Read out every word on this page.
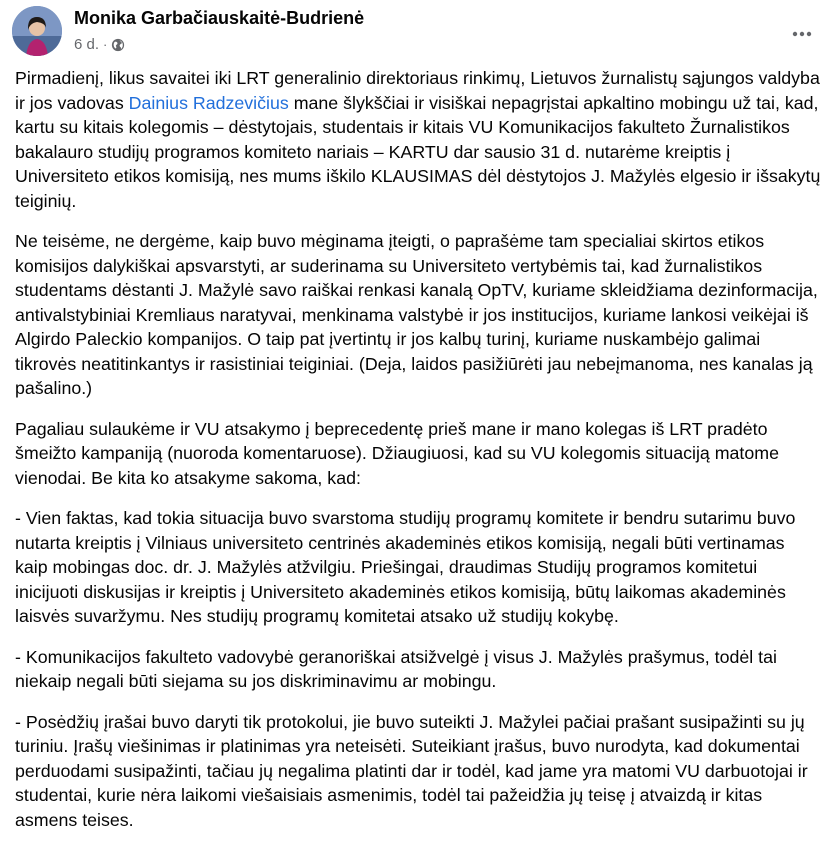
Monika Garbačiauskaitė-Budrienė
6 d. ·

Pirmadienį, likus savaitei iki LRT generalinio direktoriaus rinkimų, Lietuvos žurnalistų sąjungos valdyba ir jos vadovas Dainius Radzevičius mane šlykščiai ir visiškai nepagrįstai apkaltino mobingu už tai, kad, kartu su kitais kolegomis – dėstytojais, studentais ir kitais VU Komunikacijos fakulteto Žurnalistikos bakalauro studijų programos komiteto nariais – KARTU dar sausio 31 d. nutarėme kreiptis į Universiteto etikos komisiją, nes mums iškilo KLAUSIMAS dėl dėstytojos J. Mažylės elgesio ir išsakytų teiginių.

Ne teisėme, ne dergėme, kaip buvo mėginama įteigti, o paprašėme tam specialiai skirtos etikos komisijos dalykiškai apsvarstyti, ar suderinama su Universiteto vertybėmis tai, kad žurnalistikos studentams dėstanti J. Mažylė savo raiškai renkasi kanalą OpTV, kuriame skleidžiama dezinformacija, antivalstybiniai Kremliaus naratyvai, menkinama valstybė ir jos institucijos, kuriame lankosi veikėjai iš Algirdo Paleckio kompanijos. O taip pat įvertintų ir jos kalbų turinį, kuriame nuskambėjo galimai tikrovės neatitinkantys ir rasistiniai teiginiai. (Deja, laidos pasižiūrėti jau nebeįmanoma, nes kanalas ją pašalino.)

Pagaliau sulaukėme ir VU atsakymo į beprecedentę prieš mane ir mano kolegas iš LRT pradėto šmeižto kampaniją (nuoroda komentaruose). Džiaugiuosi, kad su VU kolegomis situaciją matome vienodai. Be kita ko atsakyme sakoma, kad:

- Vien faktas, kad tokia situacija buvo svarstoma studijų programų komitete ir bendru sutarimu buvo nutarta kreiptis į Vilniaus universiteto centrinės akademinės etikos komisiją, negali būti vertinamas kaip mobingas doc. dr. J. Mažylės atžvilgiu. Priešingai, draudimas Studijų programos komitetui inicijuoti diskusijas ir kreiptis į Universiteto akademinės etikos komisiją, būtų laikomas akademinės laisvės suvaržymu. Nes studijų programų komitetai atsako už studijų kokybę.

- Komunikacijos fakulteto vadovybė geranoriškai atsižvelgė į visus J. Mažylės prašymus, todėl tai niekaip negali būti siejama su jos diskriminavimu ar mobingu.

- Posėdžių įrašai buvo daryti tik protokolui, jie buvo suteikti J. Mažylei pačiai prašant susipažinti su jų turiniu. Įrašų viešinimas ir platinimas yra neteisėti. Suteikiant įrašus, buvo nurodyta, kad dokumentai perduodami susipažinti, tačiau jų negalima platinti dar ir todėl, kad jame yra matomi VU darbuotojai ir studentai, kurie nėra laikomi viešaisiais asmenimis, todėl tai pažeidžia jų teisę į atvaizdą ir kitas asmens teises.
